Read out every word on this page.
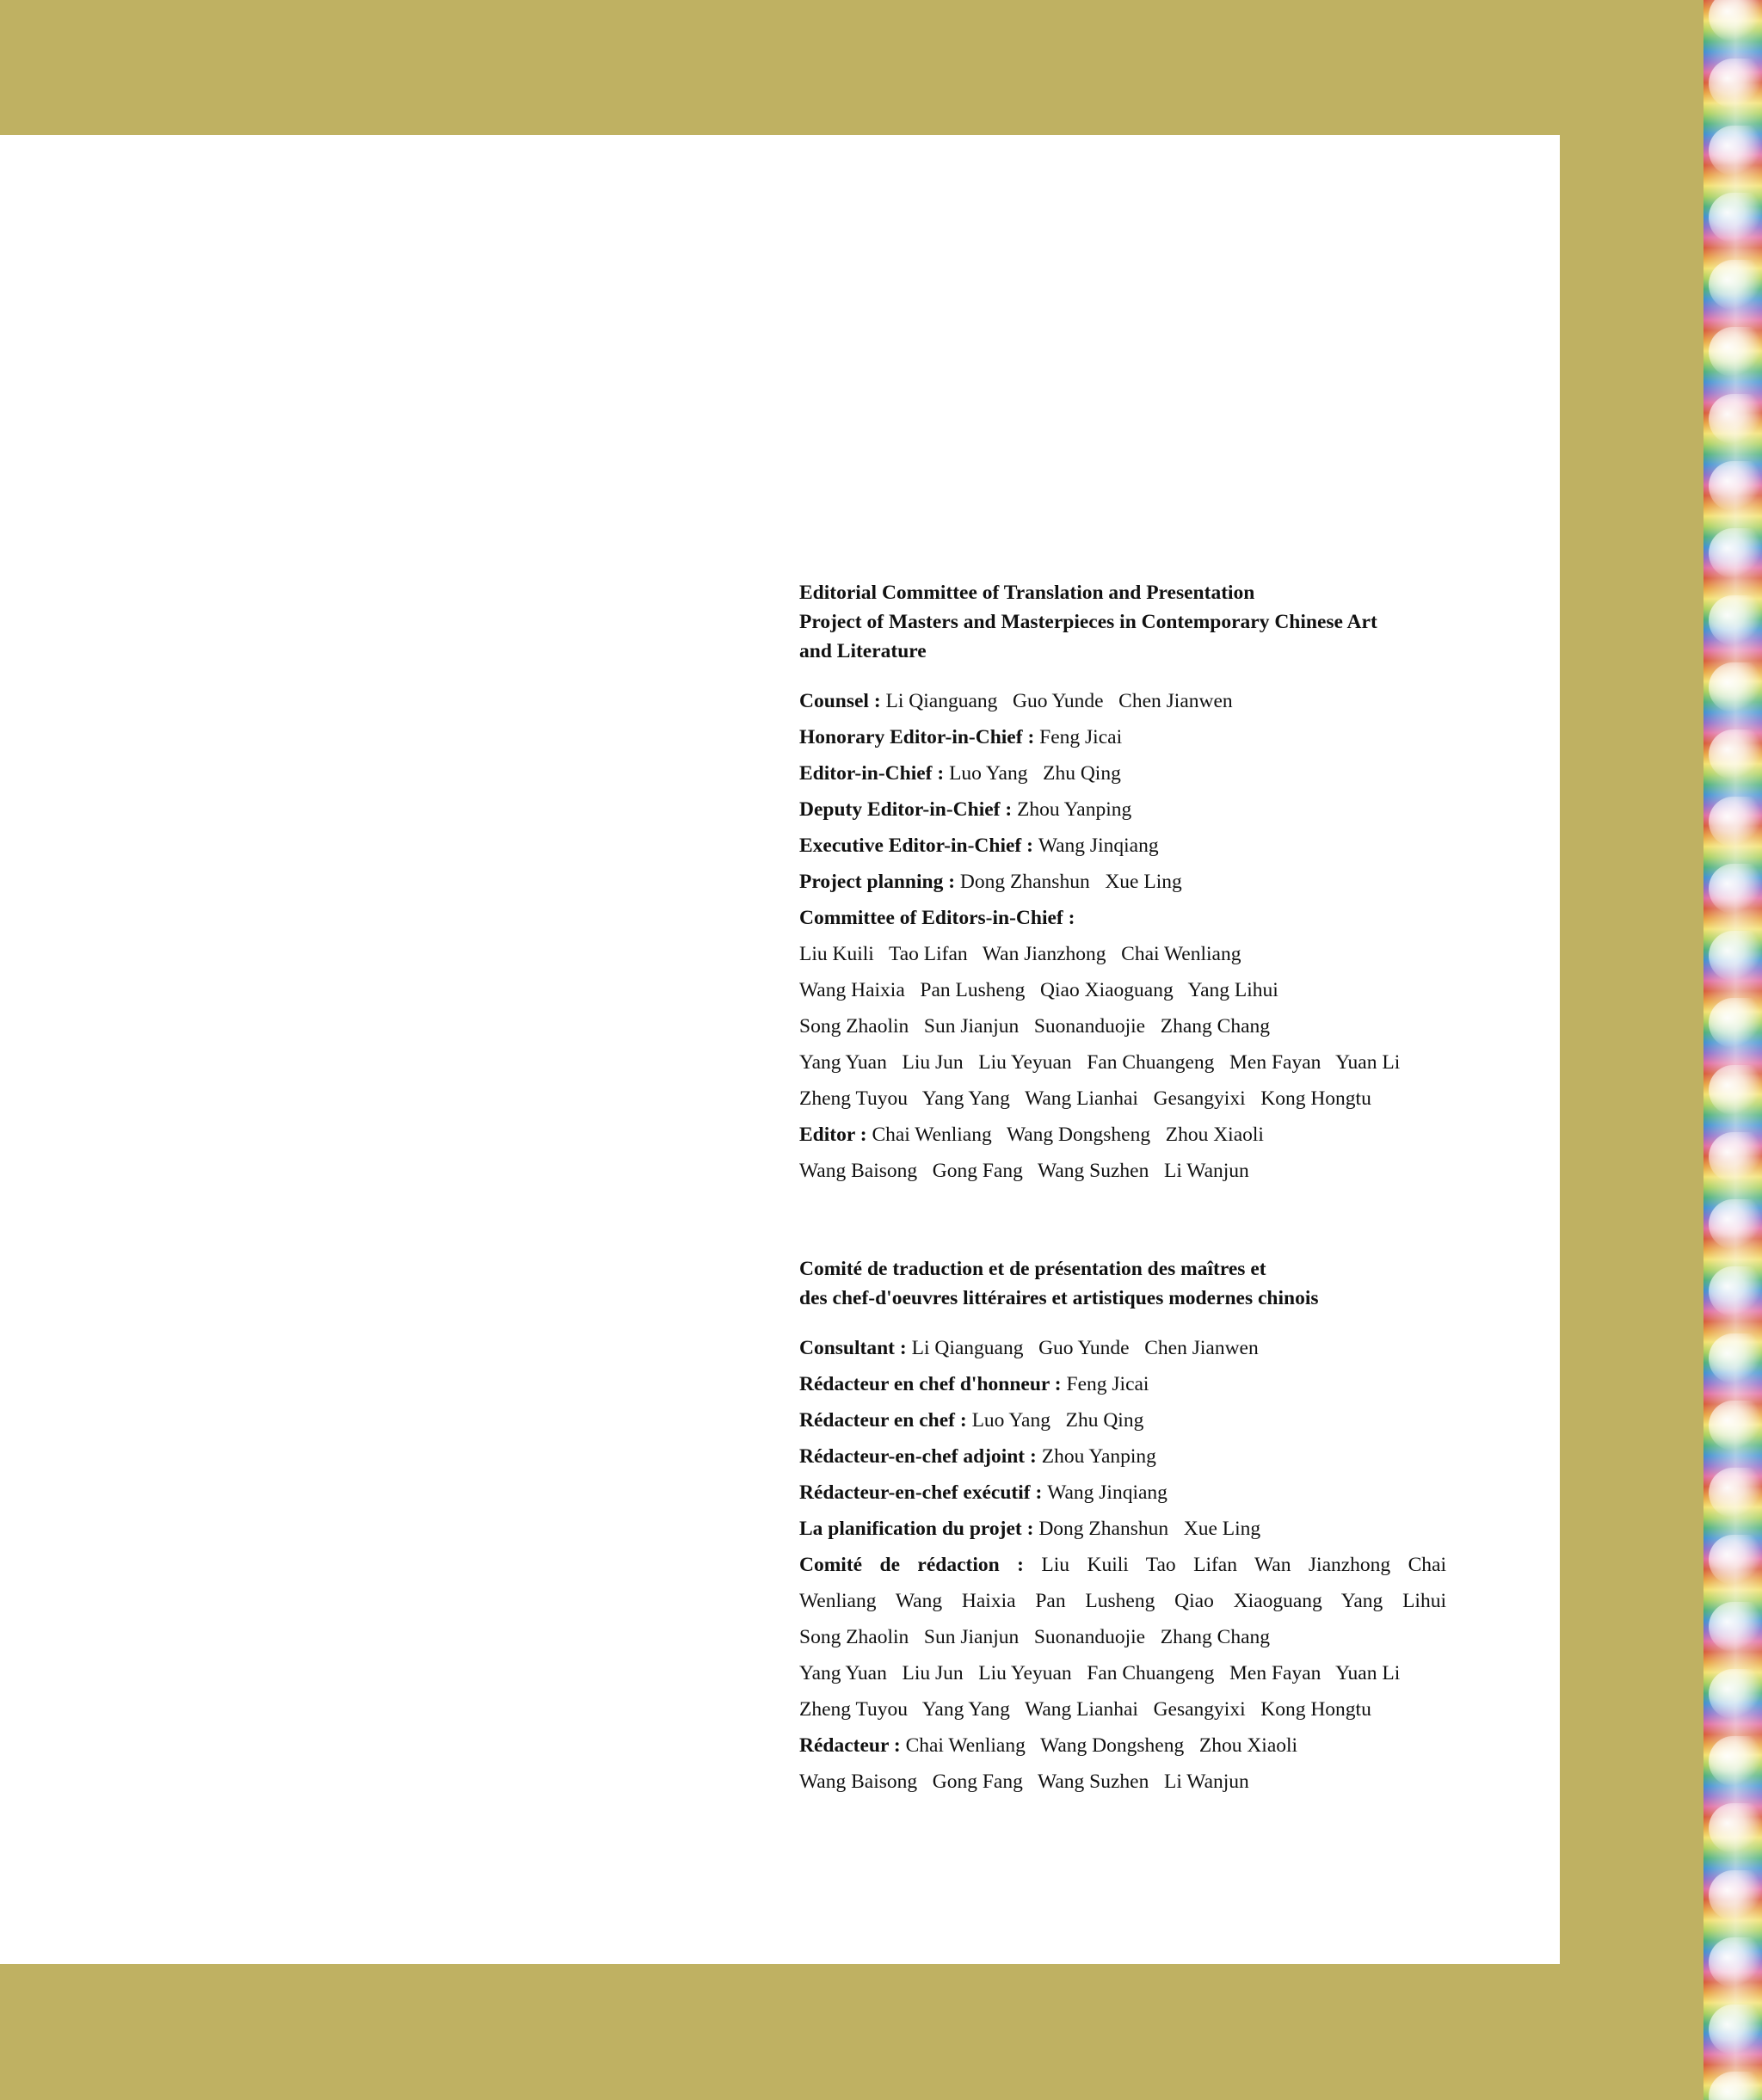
Editorial Committee of Translation and Presentation
Project of Masters and Masterpieces in Contemporary Chinese Art
and Literature
Counsel : Li Qianguang   Guo Yunde   Chen Jianwen
Honorary Editor-in-Chief : Feng Jicai
Editor-in-Chief : Luo Yang   Zhu Qing
Deputy Editor-in-Chief : Zhou Yanping
Executive Editor-in-Chief : Wang Jinqiang
Project planning : Dong Zhanshun   Xue Ling
Committee of Editors-in-Chief :
Liu Kuili   Tao Lifan   Wan Jianzhong   Chai Wenliang
Wang Haixia   Pan Lusheng   Qiao Xiaoguang   Yang Lihui
Song Zhaolin   Sun Jianjun   Suonanduojie   Zhang Chang
Yang Yuan   Liu Jun   Liu Yeyuan   Fan Chuangeng   Men Fayan   Yuan Li
Zheng Tuyou   Yang Yang   Wang Lianhai   Gesangyixi   Kong Hongtu
Editor : Chai Wenliang   Wang Dongsheng   Zhou Xiaoli
Wang Baisong   Gong Fang   Wang Suzhen   Li Wanjun
Comité de traduction et de présentation des maîtres et
des chef-d'oeuvres littéraires et artistiques modernes chinois
Consultant : Li Qianguang   Guo Yunde   Chen Jianwen
Rédacteur en chef d'honneur : Feng Jicai
Rédacteur en chef : Luo Yang   Zhu Qing
Rédacteur-en-chef adjoint : Zhou Yanping
Rédacteur-en-chef exécutif : Wang Jinqiang
La planification du projet : Dong Zhanshun   Xue Ling
Comité de rédaction : Liu Kuili Tao Lifan Wan Jianzhong Chai
Wenliang Wang Haixia Pan Lusheng Qiao Xiaoguang Yang Lihui
Song Zhaolin   Sun Jianjun   Suonanduojie   Zhang Chang
Yang Yuan   Liu Jun   Liu Yeyuan   Fan Chuangeng   Men Fayan   Yuan Li
Zheng Tuyou   Yang Yang   Wang Lianhai   Gesangyixi   Kong Hongtu
Rédacteur : Chai Wenliang   Wang Dongsheng   Zhou Xiaoli
Wang Baisong   Gong Fang   Wang Suzhen   Li Wanjun
